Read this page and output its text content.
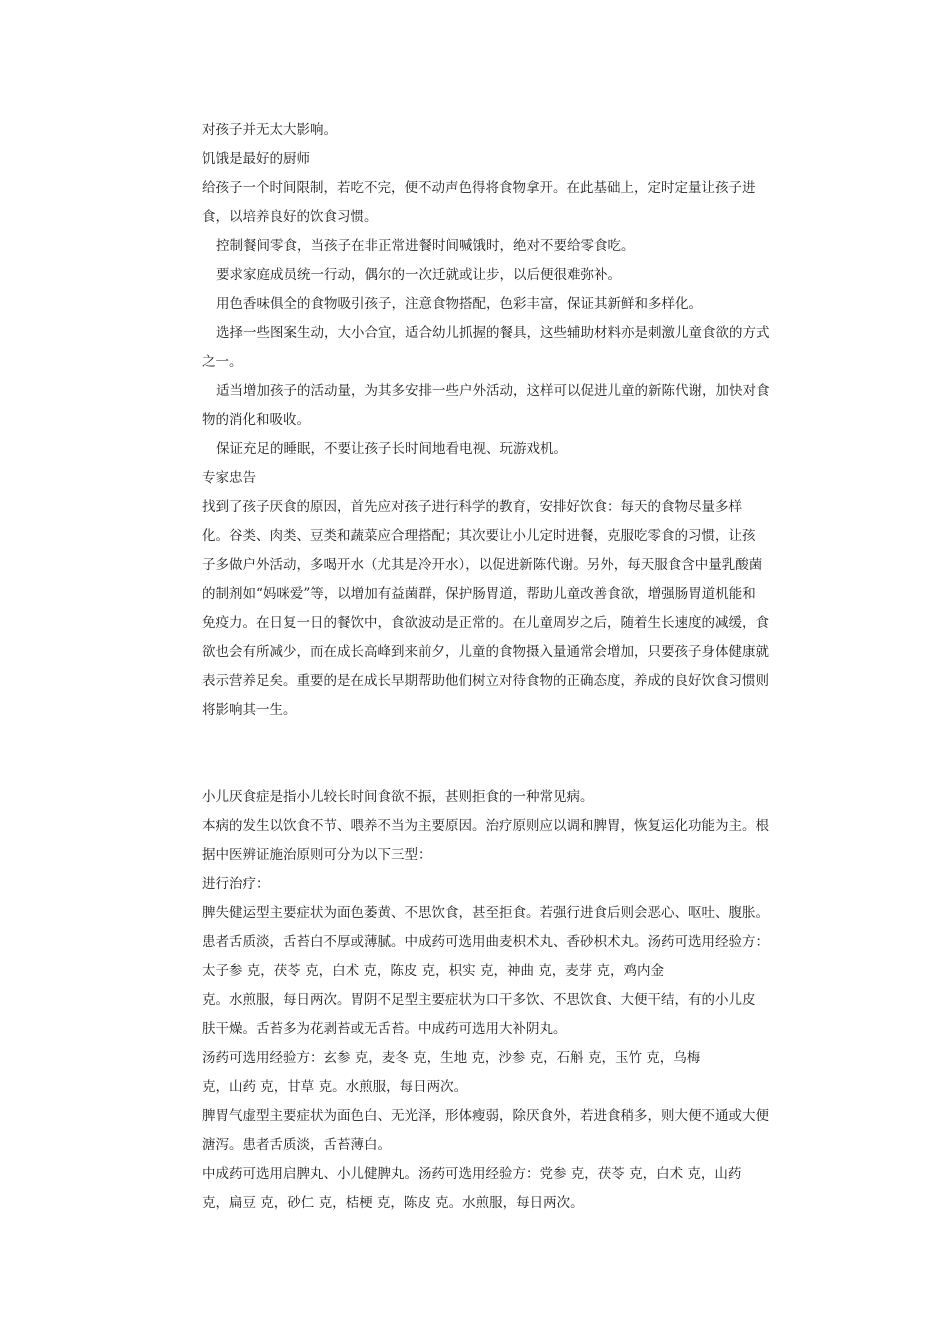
对孩子并无太大影响。
饥饿是最好的厨师
给孩子一个时间限制，若吃不完，便不动声色得将食物拿开。在此基础上，定时定量让孩子进
食，以培养良好的饮食习惯。
控制餐间零食，当孩子在非正常进餐时间喊饿时，绝对不要给零食吃。
要求家庭成员统一行动，偶尔的一次迁就或让步，以后便很难弥补。
用色香味俱全的食物吸引孩子，注意食物搭配，色彩丰富，保证其新鲜和多样化。
选择一些图案生动，大小合宜，适合幼儿抓握的餐具，这些辅助材料亦是刺激儿童食欲的方式
之一。
适当增加孩子的活动量，为其多安排一些户外活动，这样可以促进儿童的新陈代谢，加快对食
物的消化和吸收。
保证充足的睡眠，不要让孩子长时间地看电视、玩游戏机。
专家忠告
找到了孩子厌食的原因，首先应对孩子进行科学的教育，安排好饮食：每天的食物尽量多样
化。谷类、肉类、豆类和蔬菜应合理搭配；其次要让小儿定时进餐，克服吃零食的习惯，让孩
子多做户外活动，多喝开水（尤其是冷开水），以促进新陈代谢。另外，每天服食含中量乳酸菌
的制剂如“妈咪爱”等，以增加有益菌群，保护肠胃道，帮助儿童改善食欲，增强肠胃道机能和
免疫力。在日复一日的餐饮中，食欲波动是正常的。在儿童周岁之后，随着生长速度的减缓，食
欲也会有所减少，而在成长高峰到来前夕，儿童的食物摄入量通常会增加，只要孩子身体健康就
表示营养足矣。重要的是在成长早期帮助他们树立对待食物的正确态度，养成的良好饮食习惯则
将影响其一生。
小儿厌食症是指小儿较长时间食欲不振，甚则拒食的一种常见病。
本病的发生以饮食不节、喂养不当为主要原因。治疗原则应以调和脾胃，恢复运化功能为主。根
据中医辨证施治原则可分为以下三型：
进行治疗：
脾失健运型主要症状为面色萎黄、不思饮食，甚至拒食。若强行进食后则会恶心、呕吐、腹胀。
患者舌质淡，舌苔白不厚或薄腻。中成药可选用曲麦枳术丸、香砂枳术丸。汤药可选用经验方：
太子参 克，茯苓 克，白术 克，陈皮 克，枳实 克，神曲 克，麦芽 克，鸡内金
克。水煎服，每日两次。胃阴不足型主要症状为口干多饮、不思饮食、大便干结，有的小儿皮
肤干燥。舌苔多为花剥苔或无舌苔。中成药可选用大补阴丸。
汤药可选用经验方：玄参 克，麦冬 克，生地 克，沙参 克，石斛 克，玉竹 克，乌梅
克，山药 克，甘草 克。水煎服，每日两次。
脾胃气虚型主要症状为面色白、无光泽，形体瘦弱，除厌食外，若进食稍多，则大便不通或大便
溏泻。患者舌质淡，舌苔薄白。
中成药可选用启脾丸、小儿健脾丸。汤药可选用经验方：党参 克，茯苓 克，白术 克，山药
克，扁豆 克，砂仁 克，桔梗 克，陈皮 克。水煎服，每日两次。
